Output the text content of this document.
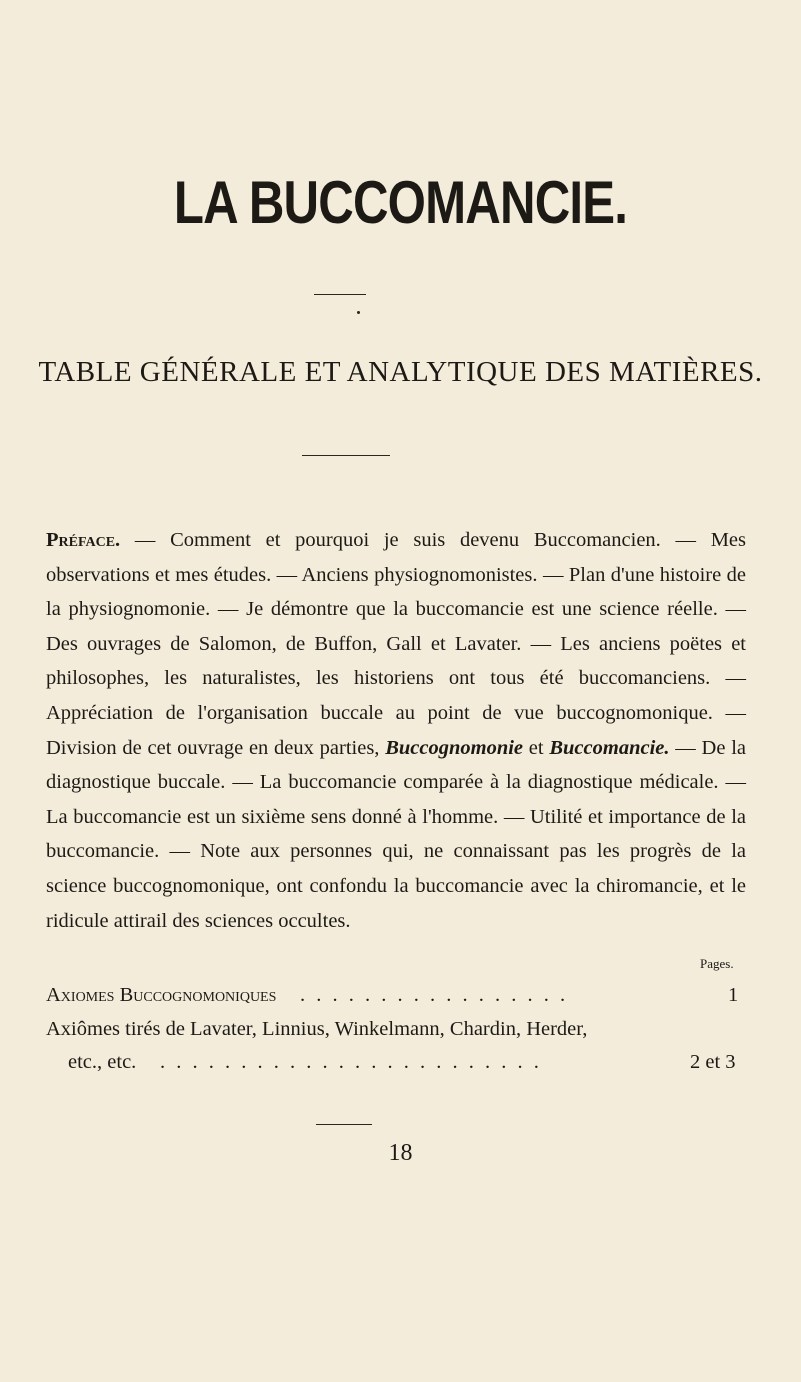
LA BUCCOMANCIE.
TABLE GÉNÉRALE ET ANALYTIQUE DES MATIÈRES.

Préface. — Comment et pourquoi je suis devenu Buccomancien. — Mes observations et mes études. — Anciens physiognomonistes. — Plan d'une histoire de la physiognomonie. — Je démontre que la buccomancie est une science réelle. — Des ouvrages de Salomon, de Buffon, Gall et Lavater. — Les anciens poëtes et philosophes, les naturalistes, les historiens ont tous été buccomanciens. — Appréciation de l'organisation buccale au point de vue buccognomonique. — Division de cet ouvrage en deux parties, Buccognomonie et Buccomancie. — De la diagnostique buccale. — La buccomancie comparée à la diagnostique médicale. — La buccomancie est un sixième sens donné à l'homme. — Utilité et importance de la buccomancie. — Note aux personnes qui, ne connaissant pas les progrès de la science buccognomonique, ont confondu la buccomancie avec la chiromancie, et le ridicule attirail des sciences occultes.

Pages.

Axiomes Buccognomoniques . . . . . . . . . . . . . . . . .	1
Axiômes tirés de Lavater, Linnius, Winkelmann, Chardin, Herder,
etc., etc. . . . . . . . . . . . . . . . . . . . . . . . .	2 et 3

18
